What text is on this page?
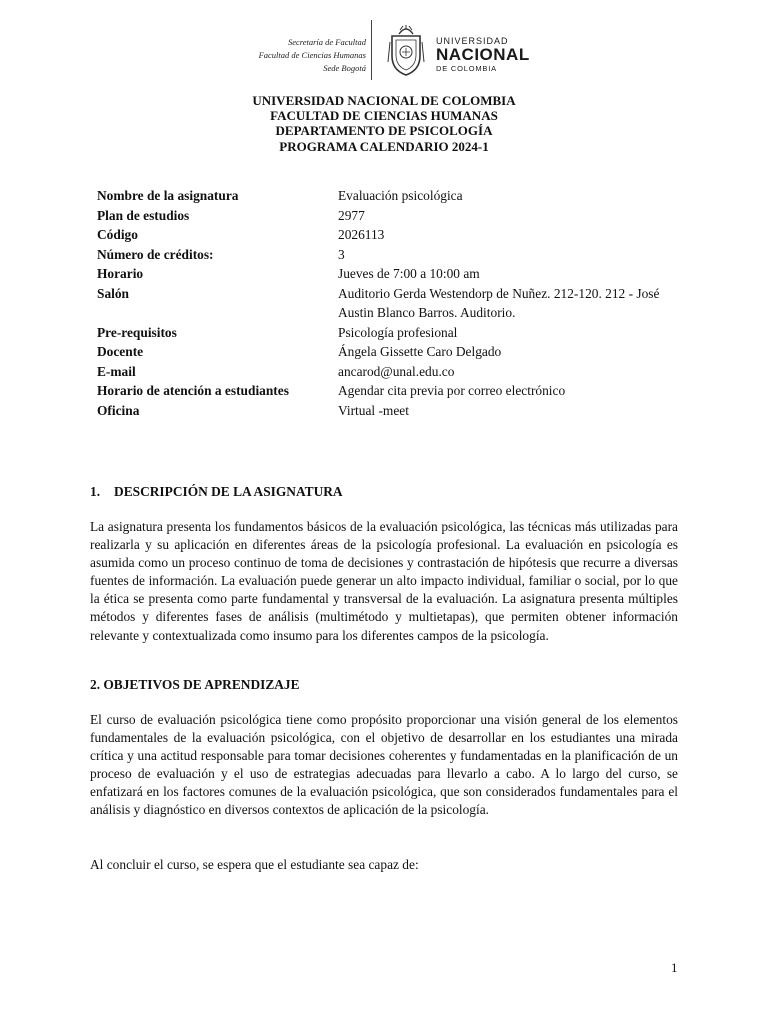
Secretaría de Facultad
Facultad de Ciencias Humanas
Sede Bogotá
UNIVERSIDAD
NACIONAL
DE COLOMBIA
UNIVERSIDAD NACIONAL DE COLOMBIA
FACULTAD DE CIENCIAS HUMANAS
DEPARTAMENTO DE PSICOLOGÍA
PROGRAMA CALENDARIO 2024-1
Nombre de la asignatura	Evaluación psicológica
Plan de estudios	2977
Código	2026113
Número de créditos:	3
Horario	Jueves de 7:00 a 10:00 am
Salón	Auditorio Gerda Westendorp de Nuñez. 212-120. 212 - José
Austin Blanco Barros. Auditorio.
Pre-requisitos	Psicología profesional
Docente	Ángela Gissette Caro Delgado
E-mail	ancarod@unal.edu.co
Horario de atención a estudiantes	Agendar cita previa por correo electrónico
Oficina	Virtual -meet
1. DESCRIPCIÓN DE LA ASIGNATURA

La asignatura presenta los fundamentos básicos de la evaluación psicológica, las técnicas más utilizadas para realizarla y su aplicación en diferentes áreas de la psicología profesional. La evaluación en psicología es asumida como un proceso continuo de toma de decisiones y contrastación de hipótesis que recurre a diversas fuentes de información. La evaluación puede generar un alto impacto individual, familiar o social, por lo que la ética se presenta como parte fundamental y transversal de la evaluación. La asignatura presenta múltiples métodos y diferentes fases de análisis (multimétodo y multietapas), que permiten obtener información relevante y contextualizada como insumo para los diferentes campos de la psicología.

2. OBJETIVOS DE APRENDIZAJE

El curso de evaluación psicológica tiene como propósito proporcionar una visión general de los elementos fundamentales de la evaluación psicológica, con el objetivo de desarrollar en los estudiantes una mirada crítica y una actitud responsable para tomar decisiones coherentes y fundamentadas en la planificación de un proceso de evaluación y el uso de estrategias adecuadas para llevarlo a cabo. A lo largo del curso, se enfatizará en los factores comunes de la evaluación psicológica, que son considerados fundamentales para el análisis y diagnóstico en diversos contextos de aplicación de la psicología.

Al concluir el curso, se espera que el estudiante sea capaz de:

1
